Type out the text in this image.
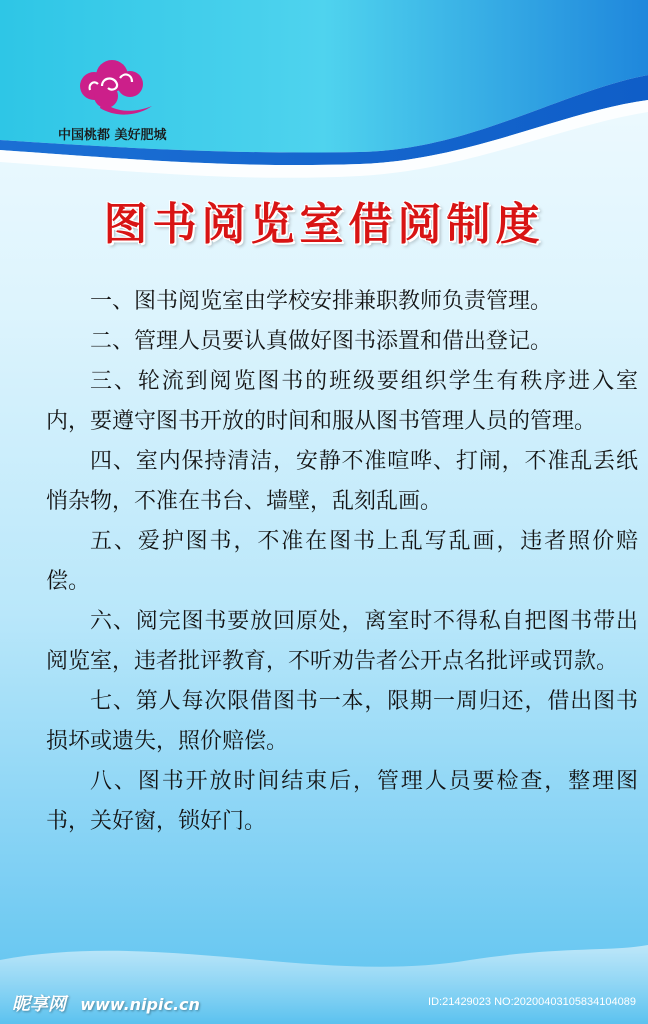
中国桃都 美好肥城
图书阅览室借阅制度

一、图书阅览室由学校安排兼职教师负责管理。

二、管理人员要认真做好图书添置和借出登记。

三、轮流到阅览图书的班级要组织学生有秩序进入室内，要遵守图书开放的时间和服从图书管理人员的管理。

四、室内保持清洁，安静不准喧哗、打闹，不准乱丢纸悄杂物，不准在书台、墙壁，乱刻乱画。

五、爱护图书，不准在图书上乱写乱画，违者照价赔偿。

六、阅完图书要放回原处，离室时不得私自把图书带出阅览室，违者批评教育，不听劝告者公开点名批评或罚款。

七、第人每次限借图书一本，限期一周归还，借出图书损坏或遗失，照价赔偿。

八、图书开放时间结束后，管理人员要检查，整理图书，关好窗，锁好门。

昵享网 www.nipic.cn	ID:21429023 NO:20200403105834104089
